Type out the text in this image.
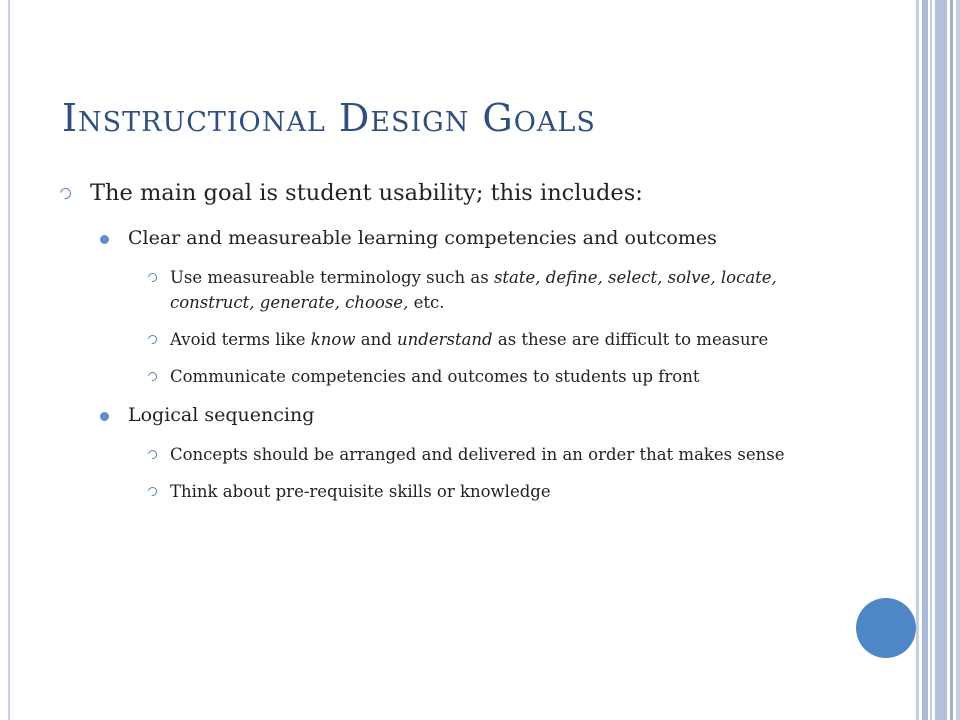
Instructional Design Goals
The main goal is student usability; this includes:
Clear and measureable learning competencies and outcomes
Use measureable terminology such as state, define, select, solve, locate, construct, generate, choose, etc.
Avoid terms like know and understand as these are difficult to measure
Communicate competencies and outcomes to students up front
Logical sequencing
Concepts should be arranged and delivered in an order that makes sense
Think about pre-requisite skills or knowledge
